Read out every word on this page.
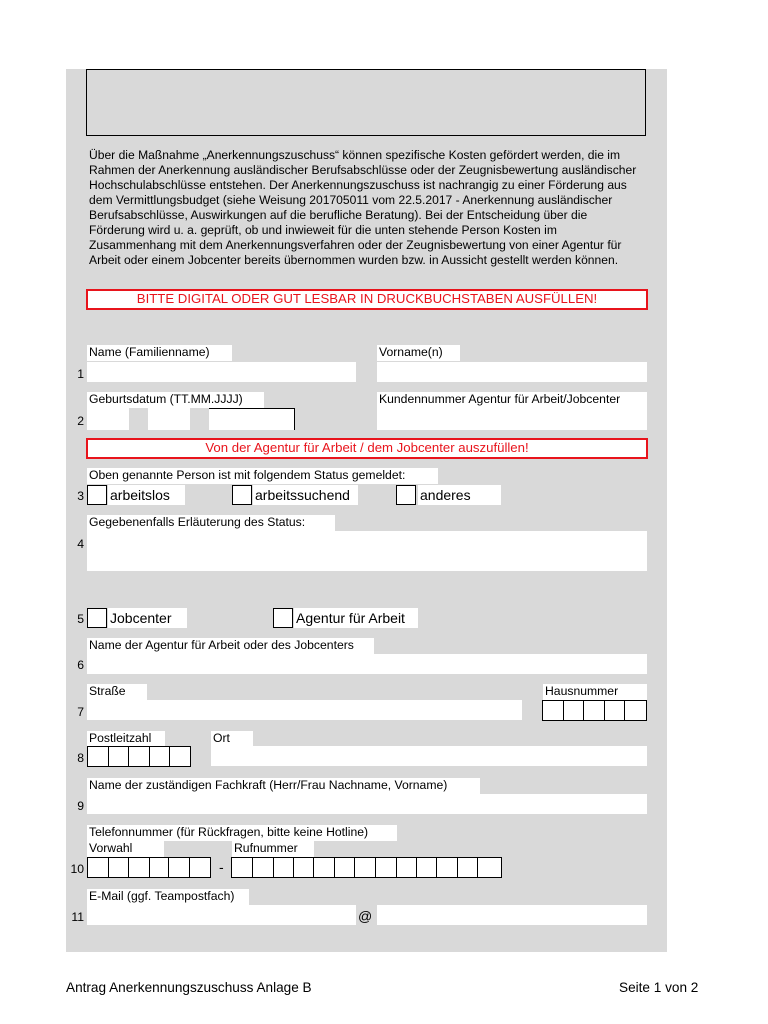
Über die Maßnahme „Anerkennungszuschuss“ können spezifische Kosten gefördert werden, die im Rahmen der Anerkennung ausländischer Berufsabschlüsse oder der Zeugnisbewertung ausländischer Hochschulabschlüsse entstehen. Der Anerkennungszuschuss ist nachrangig zu einer Förderung aus dem Vermittlungsbudget (siehe Weisung 201705011 vom 22.5.2017 - Anerkennung ausländischer Berufsabschlüsse, Auswirkungen auf die berufliche Beratung). Bei der Entscheidung über die Förderung wird u. a. geprüft, ob und inwieweit für die unten stehende Person Kosten im Zusammenhang mit dem Anerkennungsverfahren oder der Zeugnisbewertung von einer Agentur für Arbeit oder einem Jobcenter bereits übernommen wurden bzw. in Aussicht gestellt werden können.
BITTE DIGITAL ODER GUT LESBAR IN DRUCKBUCHSTABEN AUSFÜLLEN!
Name (Familienname)	Vorname(n)
1
Geburtsdatum (TT.MM.JJJJ)	Kundennummer Agentur für Arbeit/Jobcenter
2
Von der Agentur für Arbeit / dem Jobcenter auszufüllen!
Oben genannte Person ist mit folgendem Status gemeldet:
arbeitslos	arbeitssuchend	anderes
3
Gegebenenfalls Erläuterung des Status:
4
Jobcenter	Agentur für Arbeit
5
Name der Agentur für Arbeit oder des Jobcenters
6
Straße	Hausnummer
7
Postleitzahl	Ort
8
Name der zuständigen Fachkraft (Herr/Frau Nachname, Vorname)
9
Telefonnummer (für Rückfragen, bitte keine Hotline)
Vorwahl	Rufnummer
-
10
E-Mail (ggf. Teampostfach)
@
11
Antrag Anerkennungszuschuss Anlage B	Seite 1 von 2
